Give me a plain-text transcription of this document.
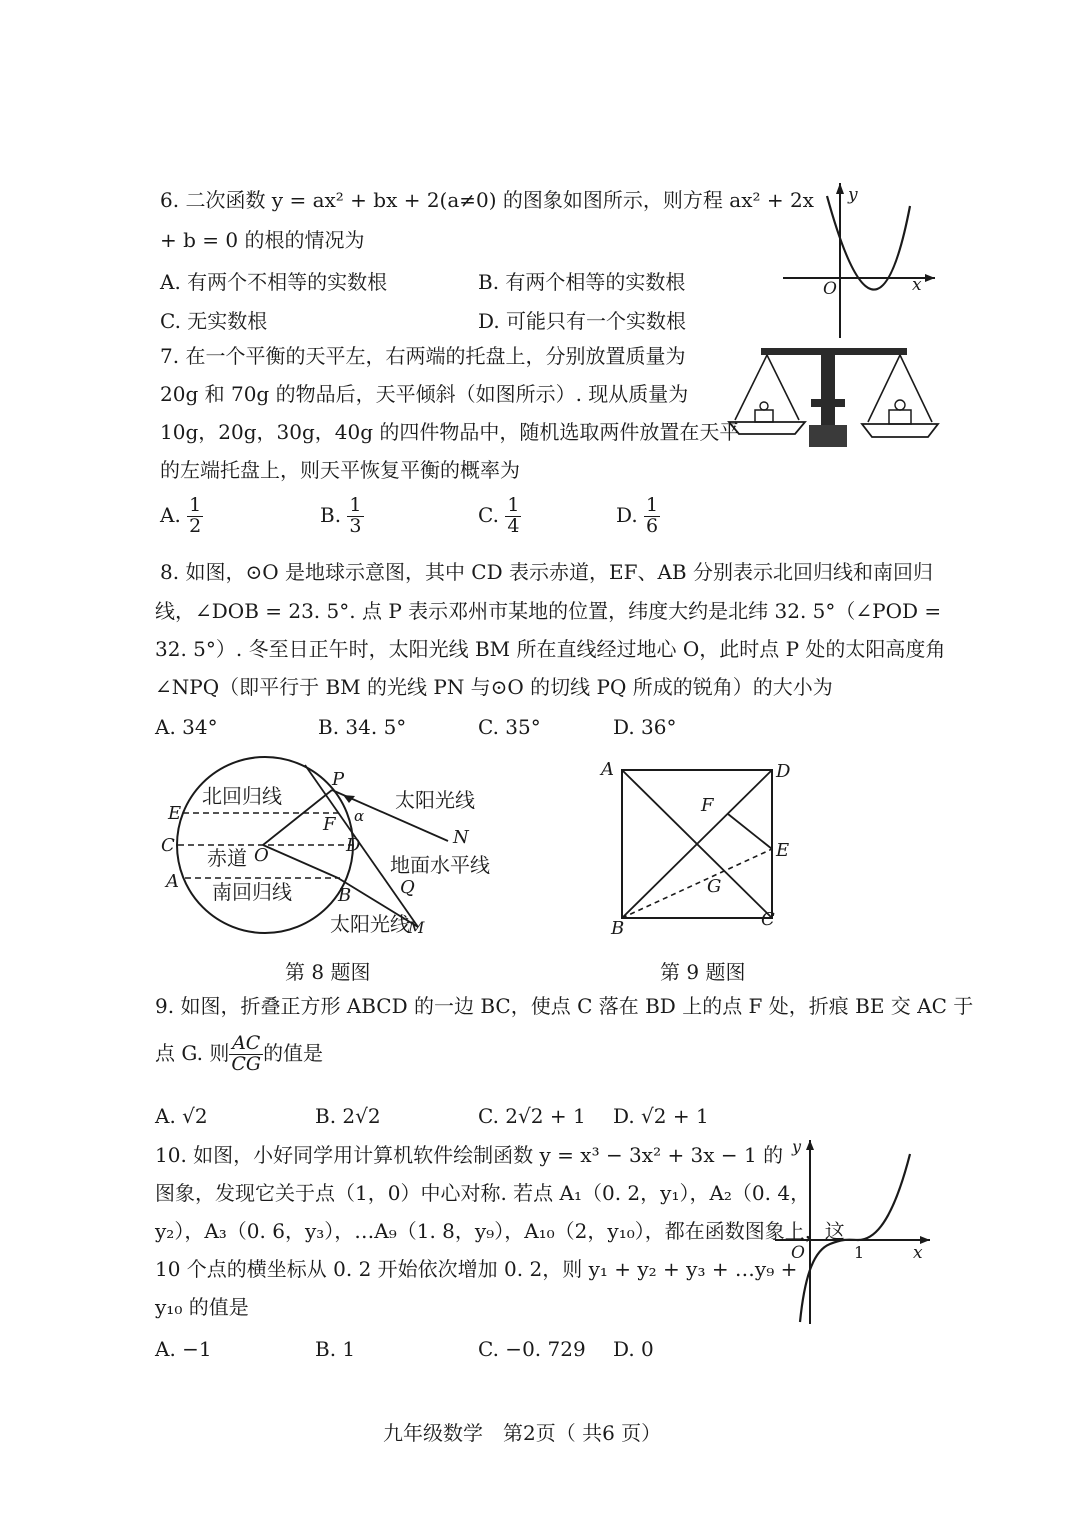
6. 二次函数 y = ax² + bx + 2(a≠0) 的图象如图所示，则方程 ax² + 2x
+ b = 0 的根的情况为
A. 有两个不相等的实数根	B. 有两个相等的实数根
C. 无实数根	D. 可能只有一个实数根
y
O	x
7. 在一个平衡的天平左，右两端的托盘上，分别放置质量为
20g 和 70g 的物品后，天平倾斜（如图所示）. 现从质量为
10g，20g，30g，40g 的四件物品中，随机选取两件放置在天平
的左端托盘上，则天平恢复平衡的概率为
A. $\frac{1}{2}$	B. $\frac{1}{3}$	C. $\frac{1}{4}$	D. $\frac{1}{6}$
8. 如图，⊙O 是地球示意图，其中 CD 表示赤道，EF、AB 分别表示北回归线和南回归
线，∠DOB = 23. 5°. 点 P 表示邓州市某地的位置，纬度大约是北纬 32. 5°（∠POD =
32. 5°）. 冬至日正午时，太阳光线 BM 所在直线经过地心 O，此时点 P 处的太阳高度角
∠NPQ（即平行于 BM 的光线 PN 与⊙O 的切线 PQ 所成的锐角）的大小为
A. 34°	B. 34. 5°	C. 35°	D. 36°
北回归线
赤道
南回归线
太阳光线
地面水平线
太阳光线
E
C
A
O
P
F
D
B
N
Q
M
α
第 8 题图
A	D
F
E
G
B	C
第 9 题图
9. 如图，折叠正方形 ABCD 的一边 BC，使点 C 落在 BD 上的点 F 处，折痕 BE 交 AC 于
点 G. 则 $\frac{AC}{CG}$ 的值是
A. √2	B. 2√2	C. 2√2 + 1 D. √2 + 1
10. 如图，小好同学用计算机软件绘制函数 y = x³ − 3x² + 3x − 1 的
图象，发现它关于点（1，0）中心对称. 若点 A₁（0. 2，y₁），A₂（0. 4，
y₂），A₃（0. 6，y₃），…A₉（1. 8，y₉），A₁₀（2，y₁₀），都在函数图象上，这
10 个点的横坐标从 0. 2 开始依次增加 0. 2，则 y₁ + y₂ + y₃ + …y₉ +
y₁₀ 的值是
A. −1	B. 1	C. −0. 729 D. 0
y
O	1	x
九年级数学　第2页（ 共6 页）
